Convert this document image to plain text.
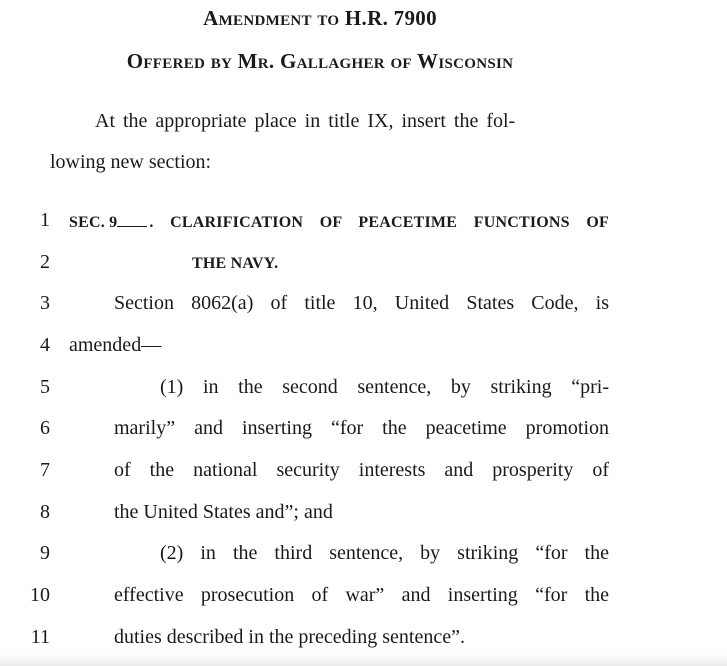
Amendment to H.R. 7900
Offered by Mr. Gallagher of Wisconsin
At the appropriate place in title IX, insert the fol-
lowing new section:
1 SEC. 9 . CLARIFICATION OF PEACETIME FUNCTIONS OF
2	THE NAVY.
3	Section 8062(a) of title 10, United States Code, is
4 amended—
5	(1) in the second sentence, by striking “pri-
6	marily” and inserting “for the peacetime promotion
7	of the national security interests and prosperity of
8	the United States and”; and
9	(2) in the third sentence, by striking “for the
10	effective prosecution of war” and inserting “for the
11	duties described in the preceding sentence”.
